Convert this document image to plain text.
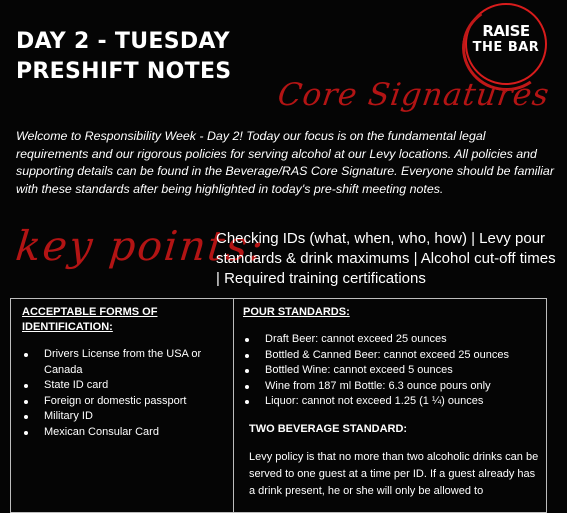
DAY 2 - TUESDAY
PRESHIFT NOTES
RAISE
THE BAR
Core Signatures
Welcome to Responsibility Week - Day 2! Today our focus is on the fundamental legal requirements and our rigorous policies for serving alcohol at our Levy locations. All policies and supporting details can be found in the Beverage/RAS Core Signature. Everyone should be familiar with these standards after being highlighted in today's pre-shift meeting notes.
key points:
Checking IDs (what, when, who, how) | Levy pour standards & drink maximums | Alcohol cut-off times | Required training certifications
ACCEPTABLE FORMS OF IDENTIFICATION:
Drivers License from the USA or Canada
State ID card
Foreign or domestic passport
Military ID
Mexican Consular Card
POUR STANDARDS:
Draft Beer: cannot exceed 25 ounces
Bottled & Canned Beer: cannot exceed 25 ounces
Bottled Wine: cannot exceed 5 ounces
Wine from 187 ml Bottle: 6.3 ounce pours only
Liquor: cannot not exceed 1.25 (1 ¼) ounces
TWO BEVERAGE STANDARD:
Levy policy is that no more than two alcoholic drinks can be served to one guest at a time per ID. If a guest already has a drink present, he or she will only be allowed to
